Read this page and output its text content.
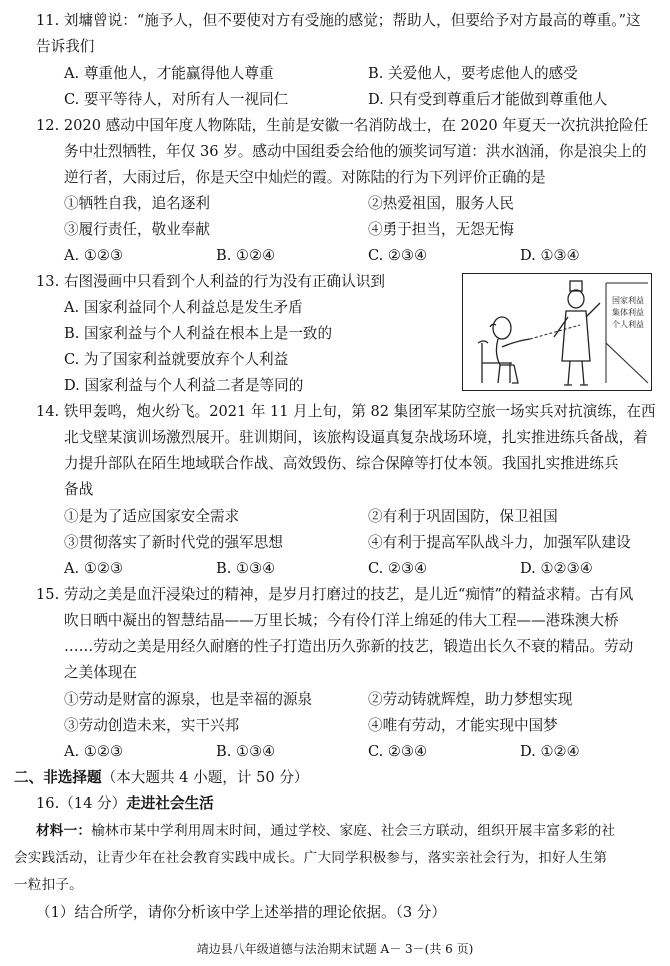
11. 刘墉曾说：“施予人，但不要使对方有受施的感觉；帮助人，但要给予对方最高的尊重。”这
告诉我们
A. 尊重他人，才能赢得他人尊重	B. 关爱他人，要考虑他人的感受
C. 要平等待人，对所有人一视同仁	D. 只有受到尊重后才能做到尊重他人
12. 2020 感动中国年度人物陈陆，生前是安徽一名消防战士，在 2020 年夏天一次抗洪抢险任
务中壮烈牺牲，年仅 36 岁。感动中国组委会给他的颁奖词写道：洪水汹涌，你是浪尖上的
逆行者，大雨过后，你是天空中灿烂的霞。对陈陆的行为下列评价正确的是
①牺牲自我，追名逐利	②热爱祖国，服务人民
③履行责任，敬业奉献	④勇于担当，无怨无悔
A. ①②③	B. ①②④	C. ②③④	D. ①③④
13. 右图漫画中只看到个人利益的行为没有正确认识到
A. 国家利益同个人利益总是发生矛盾
B. 国家利益与个人利益在根本上是一致的
C. 为了国家利益就要放弃个人利益
D. 国家利益与个人利益二者是等同的
国家利益
集体利益
个人利益
14. 铁甲轰鸣，炮火纷飞。2021 年 11 月上旬，第 82 集团军某防空旅一场实兵对抗演练，在西
北戈壁某演训场激烈展开。驻训期间，该旅构设逼真复杂战场环境，扎实推进练兵备战，着
力提升部队在陌生地域联合作战、高效毁伤、综合保障等打仗本领。我国扎实推进练兵
备战
①是为了适应国家安全需求	②有利于巩固国防，保卫祖国
③贯彻落实了新时代党的强军思想	④有利于提高军队战斗力，加强军队建设
A. ①②③	B. ①③④	C. ②③④	D. ①②③④
15. 劳动之美是血汗浸染过的精神，是岁月打磨过的技艺，是儿近“痴情”的精益求精。古有风
吹日晒中凝出的智慧结晶——万里长城；今有伶仃洋上绵延的伟大工程——港珠澳大桥
……劳动之美是用经久耐磨的性子打造出历久弥新的技艺，锻造出长久不衰的精品。劳动
之美体现在
①劳动是财富的源泉，也是幸福的源泉	②劳动铸就辉煌，助力梦想实现
③劳动创造未来，实干兴邦	④唯有劳动，才能实现中国梦
A. ①②③	B. ①③④	C. ②③④	D. ①②④
二、非选择题（本大题共 4 小题，计 50 分）
16.（14 分）走进社会生活
材料一：榆林市某中学利用周末时间，通过学校、家庭、社会三方联动，组织开展丰富多彩的社
会实践活动，让青少年在社会教育实践中成长。广大同学积极参与，落实亲社会行为，扣好人生第
一粒扣子。
（1）结合所学，请你分析该中学上述举措的理论依据。（3 分）
靖边县八年级道德与法治期末试题 A－ 3－(共 6 页)
